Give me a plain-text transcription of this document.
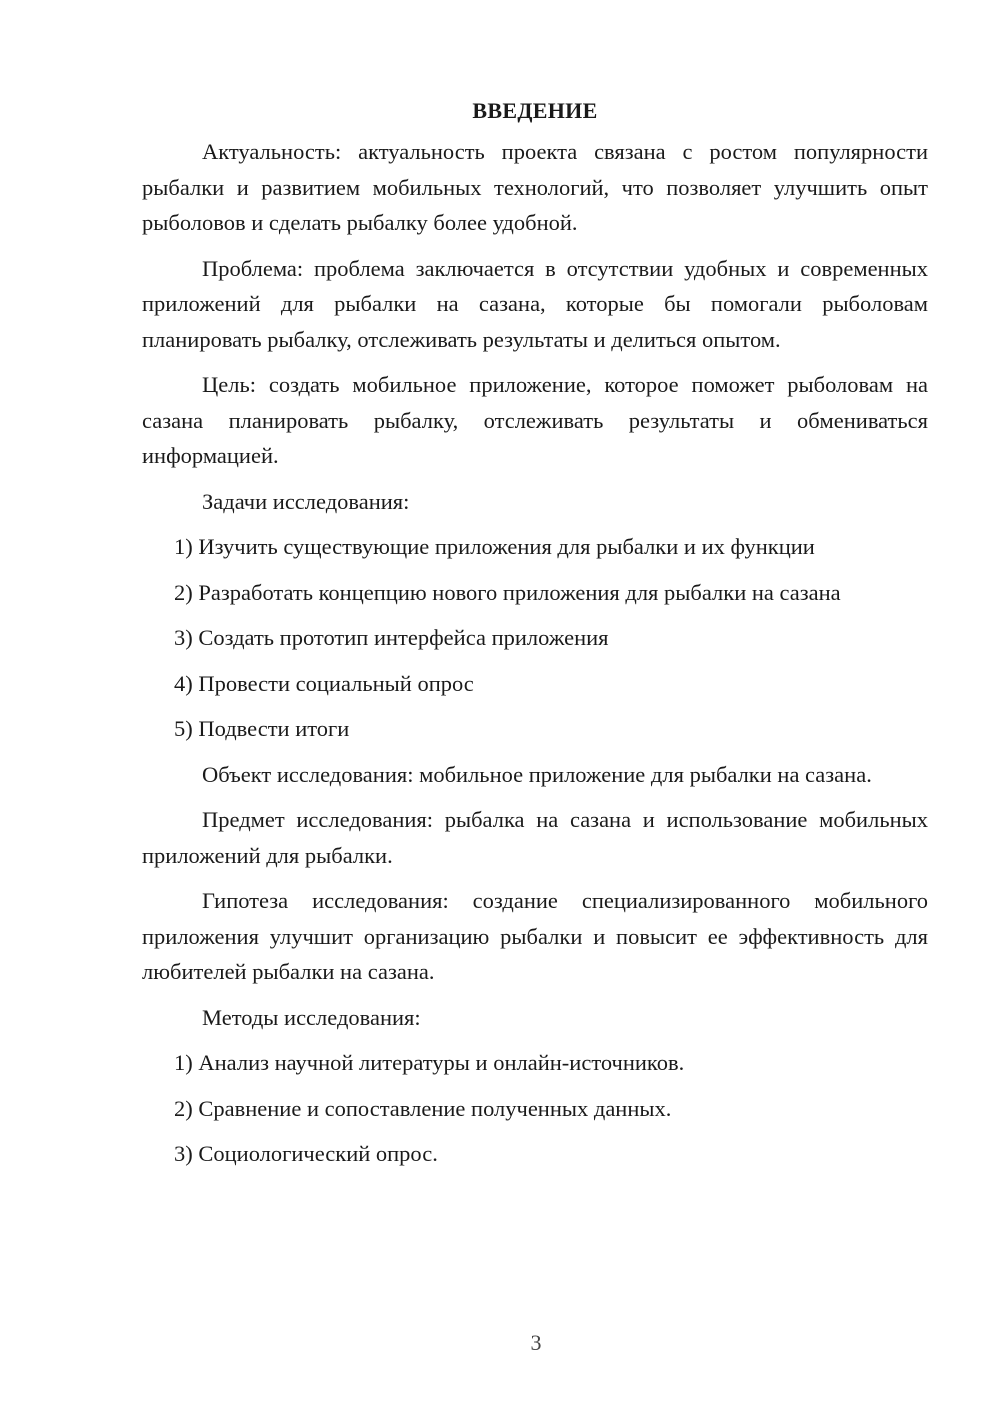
ВВЕДЕНИЕ

Актуальность: актуальность проекта связана с ростом популярности рыбалки и развитием мобильных технологий, что позволяет улучшить опыт рыболовов и сделать рыбалку более удобной.

Проблема: проблема заключается в отсутствии удобных и современных приложений для рыбалки на сазана, которые бы помогали рыболовам планировать рыбалку, отслеживать результаты и делиться опытом.

Цель: создать мобильное приложение, которое поможет рыболовам на сазана планировать рыбалку, отслеживать результаты и обмениваться информацией.

Задачи исследования:
1) Изучить существующие приложения для рыбалки и их функции
2) Разработать концепцию нового приложения для рыбалки на сазана
3) Создать прототип интерфейса приложения
4) Провести социальный опрос
5) Подвести итоги

Объект исследования: мобильное приложение для рыбалки на сазана.

Предмет исследования: рыбалка на сазана и использование мобильных приложений для рыбалки.

Гипотеза исследования: создание специализированного мобильного приложения улучшит организацию рыбалки и повысит ее эффективность для любителей рыбалки на сазана.

Методы исследования:
1) Анализ научной литературы и онлайн-источников.
2) Сравнение и сопоставление полученных данных.
3) Социологический опрос.
3
